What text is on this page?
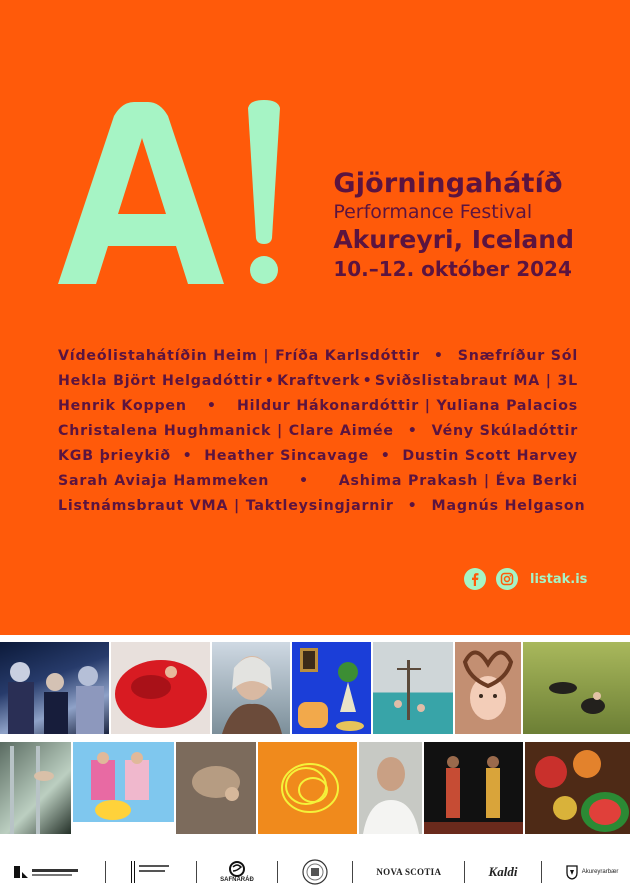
Gjörningahátíð
Performance Festival
Akureyri, Iceland
10.–12. október 2024
Vídeólistahátíðin Heim | Fríða Karlsdóttir • Snæfríður Sól
Hekla Björt Helgadóttir • Kraftverk • Sviðslistabraut MA | 3L
Henrik Koppen • Hildur Hákonardóttir | Yuliana Palacios
Christalena Hughmanick | Clare Aimée • Vény Skúladóttir
KGB þrieykið • Heather Sincavage • Dustin Scott Harvey
Sarah Aviaja Hammeken • Ashima Prakash | Éva Berki
Listnámsbraut VMA | Taktleysingjarnir • Magnús Helgason
listak.is
SAFNARÁÐ
NOVA SCOTIA	Kaldi	Akureyrarbær
